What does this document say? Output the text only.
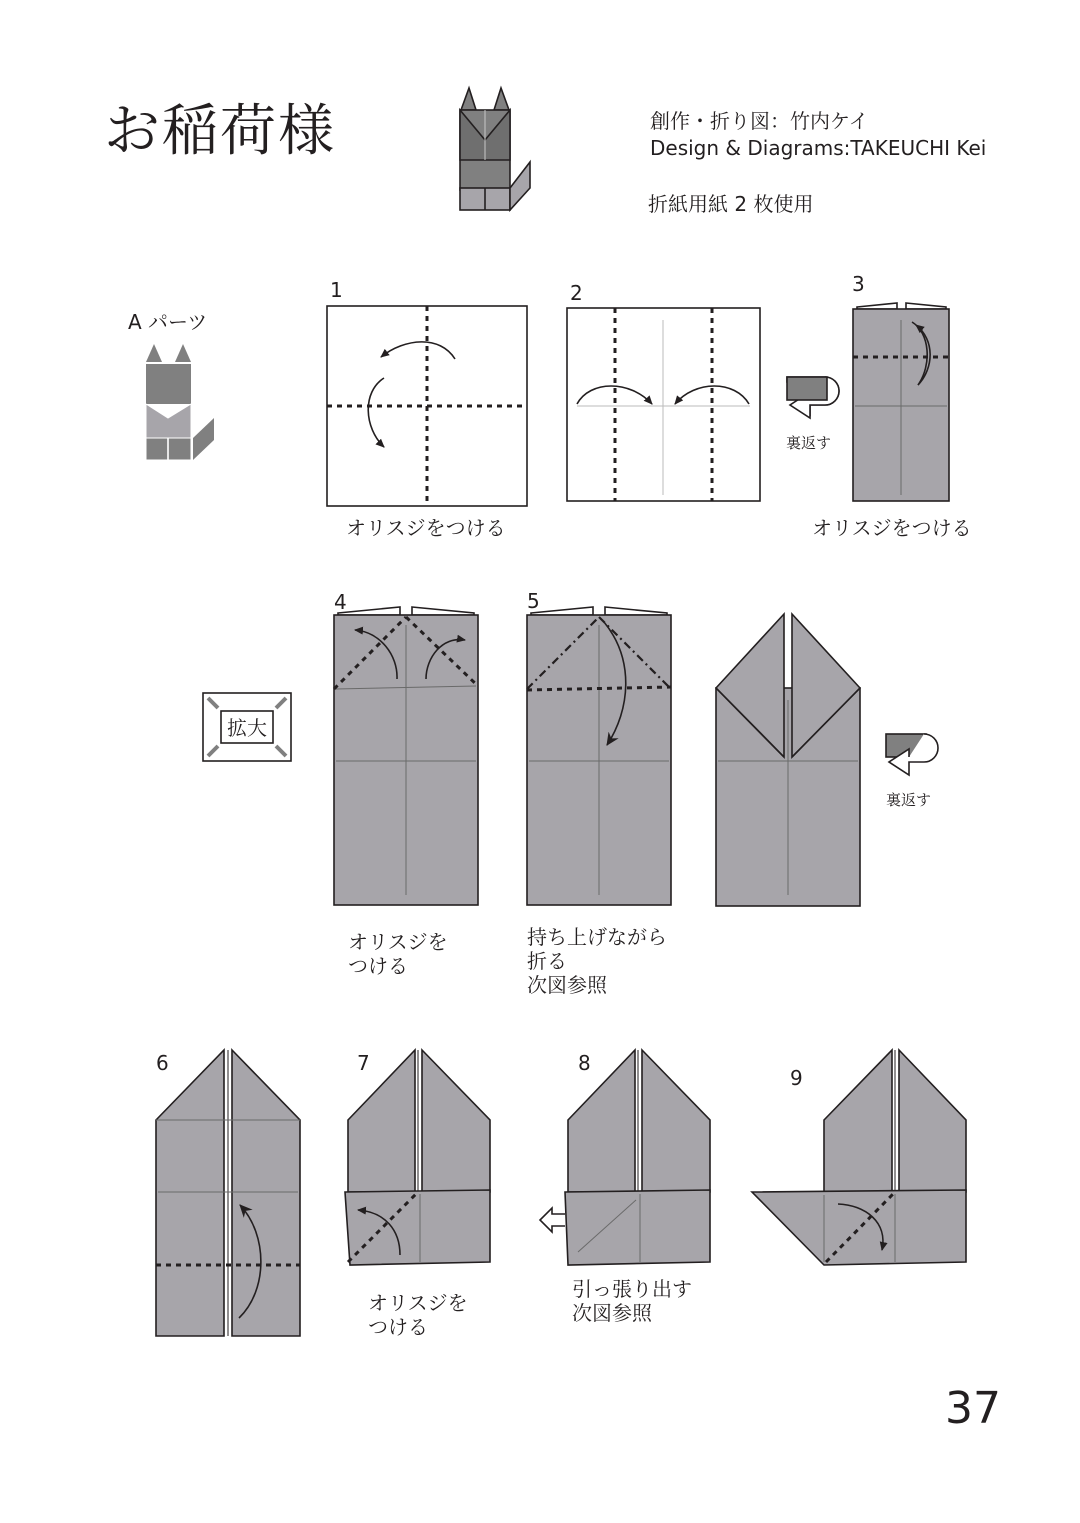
お稲荷様	創作・折り図：竹内ケイ
Design & Diagrams:TAKEUCHI Kei
折紙用紙 2 枚使用
A パーツ
1	2	3
4	5
6	7	8
9
オリスジをつける	オリスジをつける
オリスジを
つける
持ち上げながら
折る
次図参照
オリスジを
つける
引っ張り出す
次図参照
裏返す
裏返す
37
拡大
